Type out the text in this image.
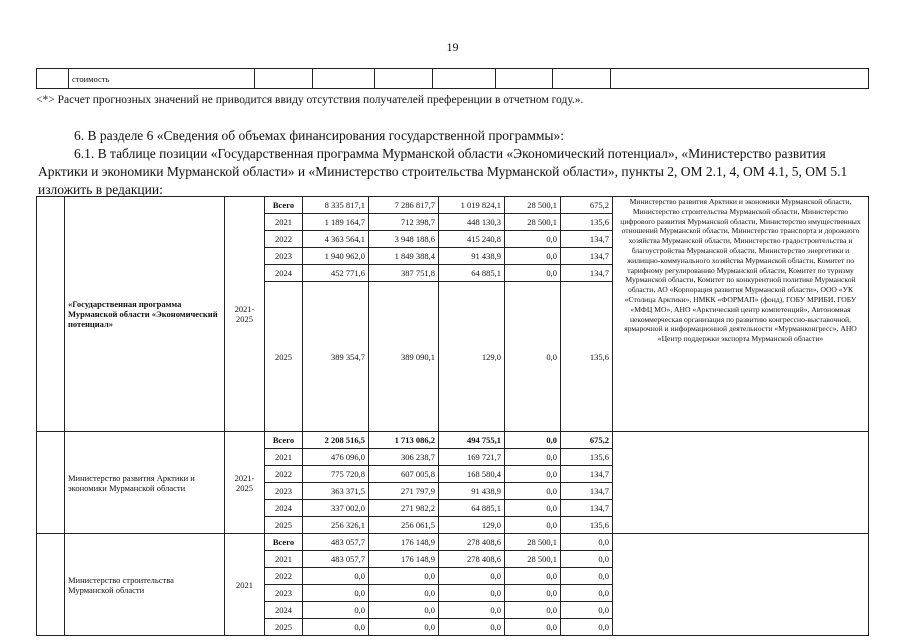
19
	стоимость							
<*> Расчет прогнозных значений не приводится ввиду отсутствия получателей преференции в отчетном году.».
6. В разделе 6 «Сведения об объемах финансирования государственной программы»:
6.1. В таблице позиции «Государственная программа Мурманской области «Экономический потенциал», «Министерство развития Арктики и экономики Мурманской области» и «Министерство строительства Мурманской области», пункты 2, ОМ 2.1, 4, ОМ 4.1, 5, ОМ 5.1 изложить в редакции:
	«Государственная программа Мурманской области «Экономический потенциал»	2021-2025	Всего	8 335 817,1	7 286 817,7	1 019 824,1	28 500,1	675,2	Министерство развития Арктики и экономики Мурманской области, Министерство строительства Мурманской области, Министерство цифрового развития Мурманской области, Министерство имущественных отношений Мурманской области, Министерство транспорта и дорожного хозяйства Мурманской области, Министерство градостроительства и благоустройства Мурманской области, Министерство энергетики и жилищно-коммунального хозяйства Мурманской области, Комитет по тарифному регулированию Мурманской области, Комитет по туризму Мурманской области, Комитет по конкурентной политике Мурманской области, АО «Корпорация развития Мурманской области», ООО «УК «Столица Арктики», НМКК «ФОРМАП» (фонд), ГОБУ МРИБИ, ГОБУ «МФЦ МО», АНО «Арктический центр компетенций», Автономная некоммерческая организация по развитию конгрессно-выставочной, ярмарочной и информационной деятельности «Мурманконгресс», АНО «Центр поддержки экспорта Мурманской области»
			2021	1 189 164,7	712 398,7	448 130,3	28 500,1	135,6	
			2022	4 363 564,1	3 948 188,6	415 240,8	0,0	134,7	
			2023	1 940 962,0	1 849 388,4	91 438,9	0,0	134,7	
			2024	452 771,6	387 751,8	64 885,1	0,0	134,7	
			2025	389 354,7	389 090,1	129,0	0,0	135,6	
	Министерство развития Арктики и экономики Мурманской области	2021-2025	Всего	2 208 516,5	1 713 086,2	494 755,1	0,0	675,2	
			2021	476 096,0	306 238,7	169 721,7	0,0	135,6	
			2022	775 720,8	607 005,8	168 580,4	0,0	134,7	
			2023	363 371,5	271 797,9	91 438,9	0,0	134,7	
			2024	337 002,0	271 982,2	64 885,1	0,0	134,7	
			2025	256 326,1	256 061,5	129,0	0,0	135,6	
	Министерство строительства Мурманской области	2021	Всего	483 057,7	176 148,9	278 408,6	28 500,1	0,0	
			2021	483 057,7	176 148,9	278 408,6	28 500,1	0,0	
			2022	0,0	0,0	0,0	0,0	0,0	
			2023	0,0	0,0	0,0	0,0	0,0	
			2024	0,0	0,0	0,0	0,0	0,0	
			2025	0,0	0,0	0,0	0,0	0,0	
